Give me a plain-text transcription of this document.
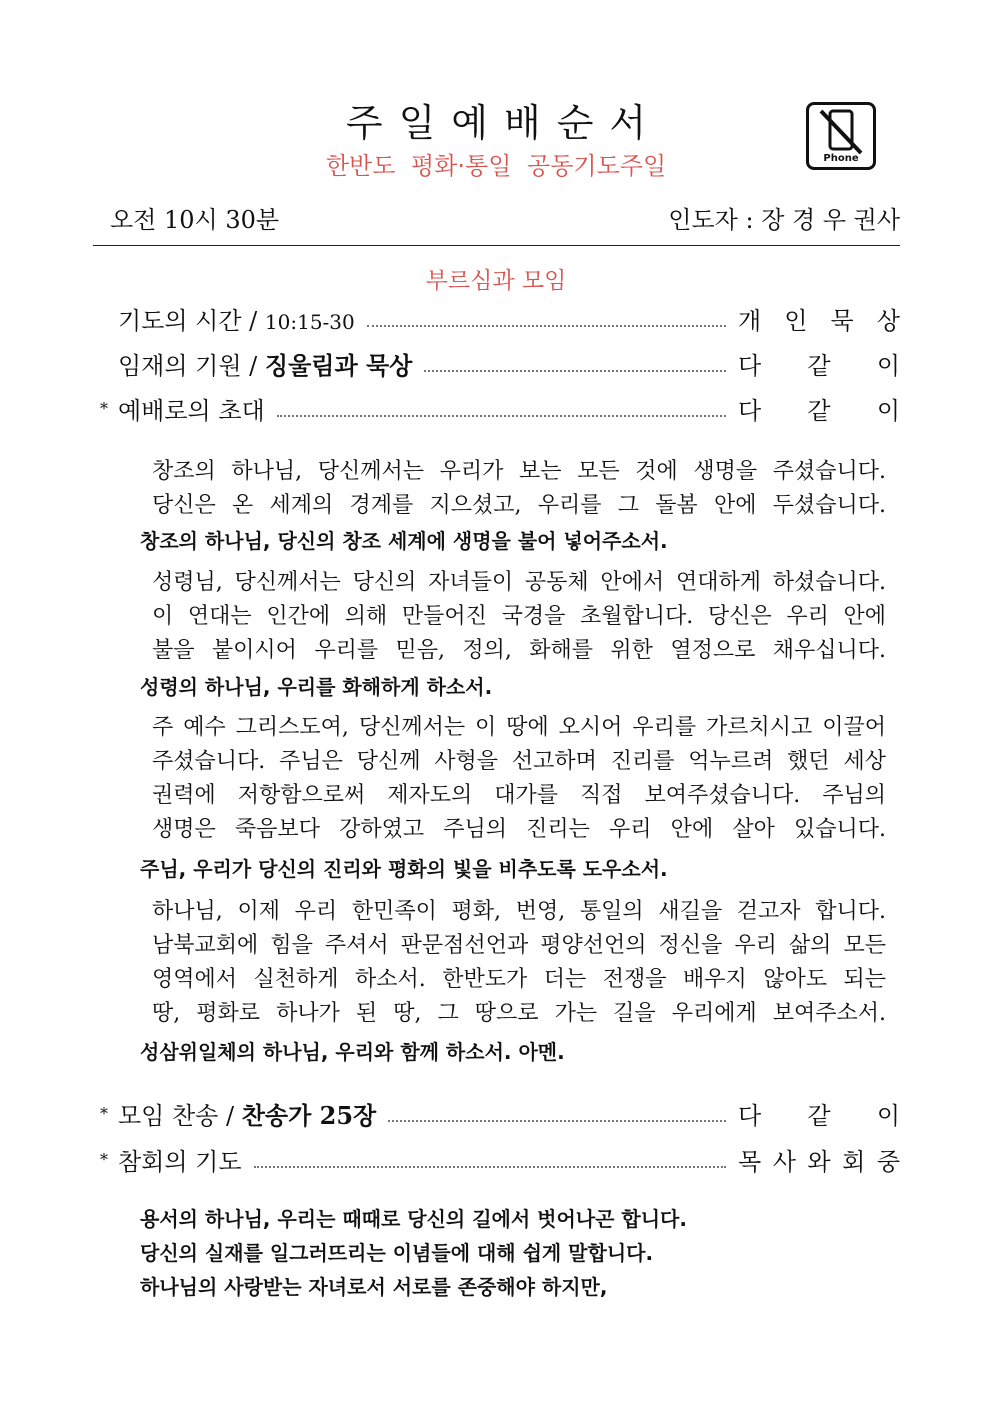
주일예배순서
한반도 평화·통일 공동기도주일	Phone
오전 10시 30분	인도자 : 장 경 우 권사
부르심과 모임
기도의 시간 / 10:15-30	개 인 묵 상
임재의 기원 / 징울림과 묵상	다 같 이
* 예배로의 초대	다 같 이
창조의 하나님, 당신께서는 우리가 보는 모든 것에 생명을 주셨습니다.
당신은 온 세계의 경계를 지으셨고, 우리를 그 돌봄 안에 두셨습니다.
창조의 하나님, 당신의 창조 세계에 생명을 불어 넣어주소서.
성령님, 당신께서는 당신의 자녀들이 공동체 안에서 연대하게 하셨습니다.
이 연대는 인간에 의해 만들어진 국경을 초월합니다. 당신은 우리 안에
불을 붙이시어 우리를 믿음, 정의, 화해를 위한 열정으로 채우십니다.
성령의 하나님, 우리를 화해하게 하소서.
주 예수 그리스도여, 당신께서는 이 땅에 오시어 우리를 가르치시고 이끌어
주셨습니다. 주님은 당신께 사형을 선고하며 진리를 억누르려 했던 세상
권력에 저항함으로써 제자도의 대가를 직접 보여주셨습니다. 주님의
생명은 죽음보다 강하였고 주님의 진리는 우리 안에 살아 있습니다.
주님, 우리가 당신의 진리와 평화의 빛을 비추도록 도우소서.
하나님, 이제 우리 한민족이 평화, 번영, 통일의 새길을 걷고자 합니다.
남북교회에 힘을 주셔서 판문점선언과 평양선언의 정신을 우리 삶의 모든
영역에서 실천하게 하소서. 한반도가 더는 전쟁을 배우지 않아도 되는
땅, 평화로 하나가 된 땅, 그 땅으로 가는 길을 우리에게 보여주소서.
성삼위일체의 하나님, 우리와 함께 하소서. 아멘.
* 모임 찬송 / 찬송가 25장	다 같 이
* 참회의 기도	목 사 와 회 중
용서의 하나님, 우리는 때때로 당신의 길에서 벗어나곤 합니다.
당신의 실재를 일그러뜨리는 이념들에 대해 쉽게 말합니다.
하나님의 사랑받는 자녀로서 서로를 존중해야 하지만,
